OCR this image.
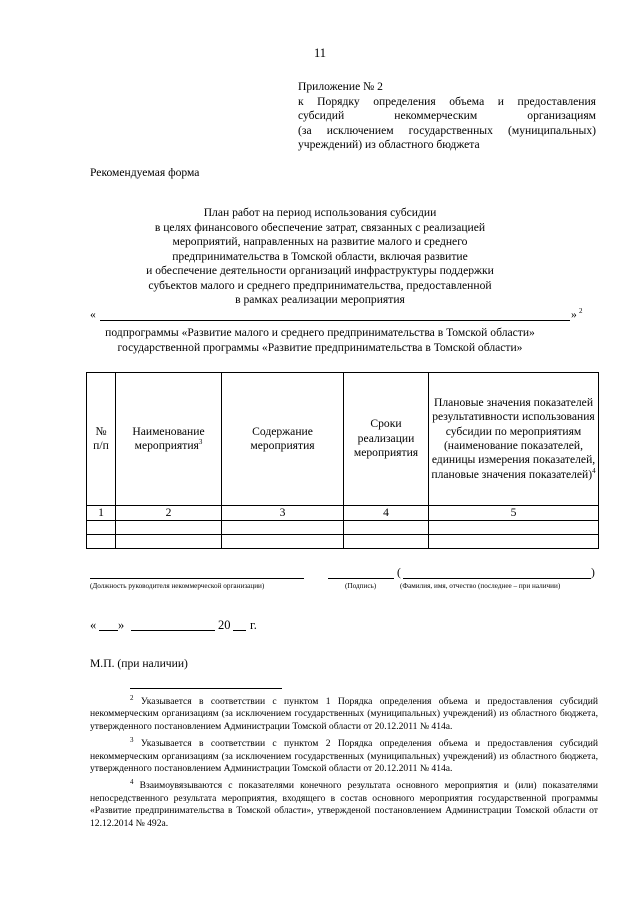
11
Приложение № 2
к Порядку определения объема и предоставления
субсидий некоммерческим организациям
(за исключением государственных (муниципальных)
учреждений) из областного бюджета
Рекомендуемая форма
План работ на период использования субсидии
в целях финансового обеспечение затрат, связанных с реализацией
мероприятий, направленных на развитие малого и среднего
предпринимательства в Томской области, включая развитие
и обеспечение деятельности организаций инфраструктуры поддержки
субъектов малого и среднего предпринимательства, предоставленной
в рамках реализации мероприятия
«	» 2
подпрограммы «Развитие малого и среднего предпринимательства в Томской области»
государственной программы «Развитие предпринимательства в Томской области»
№ п/п	Наименование мероприятия$^3$	Содержание мероприятия	Сроки реализации мероприятия	Плановые значения показателей результативности использования субсидии по мероприятиям (наименование показателей, единицы измерения показателей, плановые значения показателей)$^4$
1	2	3	4	5

(	)
(Должность руководителя некоммерческой организации)	(Подпись)	(Фамилия, имя, отчество (последнее – при наличии)
« »	20 г.
М.П. (при наличии)
$^2$ Указывается в соответствии с пунктом 1 Порядка определения объема и предоставления субсидий некоммерческим организациям (за исключением государственных (муниципальных) учреждений) из областного бюджета, утвержденного постановлением Администрации Томской области от 20.12.2011 № 414а.
$^3$ Указывается в соответствии с пунктом 2 Порядка определения объема и предоставления субсидий некоммерческим организациям (за исключением государственных (муниципальных) учреждений) из областного бюджета, утвержденного постановлением Администрации Томской области от 20.12.2011 № 414а.
$^4$ Взаимоувязываются с показателями конечного результата основного мероприятия и (или) показателями непосредственного результата мероприятия, входящего в состав основного мероприятия государственной программы «Развитие предпринимательства в Томской области», утвержденой постановлением Администрации Томской области от 12.12.2014 № 492а.
